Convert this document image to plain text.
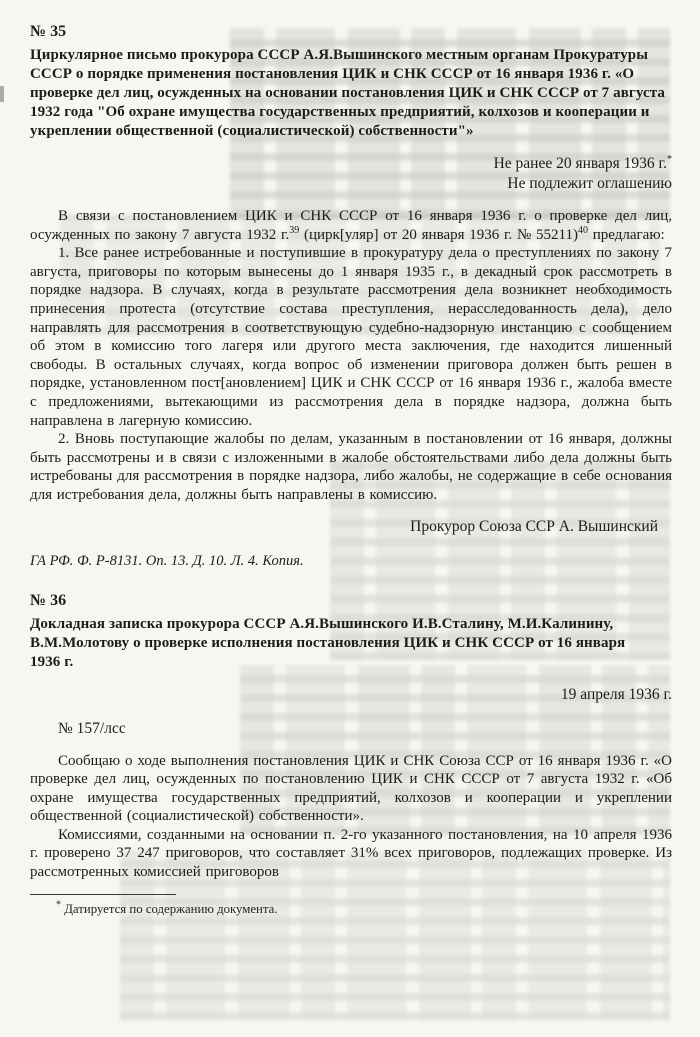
№ 35
Циркулярное письмо прокурора СССР А.Я.Вышинского местным органам Прокуратуры СССР о порядке применения постановления ЦИК и СНК СССР от 16 января 1936 г. «О проверке дел лиц, осужденных на основании постановления ЦИК и СНК СССР от 7 августа 1932 года "Об охране имущества государственных предприятий, колхозов и кооперации и укреплении общественной (социалистической) собственности"»
Не ранее 20 января 1936 г.*
Не подлежит оглашению

В связи с постановлением ЦИК и СНК СССР от 16 января 1936 г. о проверке дел лиц, осужденных по закону 7 августа 1932 г.$^{39}$ (цирк[уляр] от 20 января 1936 г. № 55211)$^{40}$ предлагаю:

1. Все ранее истребованные и поступившие в прокуратуру дела о преступлениях по закону 7 августа, приговоры по которым вынесены до 1 января 1935 г., в декадный срок рассмотреть в порядке надзора. В случаях, когда в результате рассмотрения дела возникнет необходимость принесения протеста (отсутствие состава преступления, нерасследованность дела), дело направлять для рассмотрения в соответствующую судебно-надзорную инстанцию с сообщением об этом в комиссию того лагеря или другого места заключения, где находится лишенный свободы. В остальных случаях, когда вопрос об изменении приговора должен быть решен в порядке, установленном пост[ановлением] ЦИК и СНК СССР от 16 января 1936 г., жалоба вместе с предложениями, вытекающими из рассмотрения дела в порядке надзора, должна быть направлена в лагерную комиссию.

2. Вновь поступающие жалобы по делам, указанным в постановлении от 16 января, должны быть рассмотрены и в связи с изложенными в жалобе обстоятельствами либо дела должны быть истребованы для рассмотрения в порядке надзора, либо жалобы, не содержащие в себе основания для истребования дела, должны быть направлены в комиссию.

Прокурор Союза ССР А. Вышинский
ГА РФ. Ф. Р-8131. Оп. 13. Д. 10. Л. 4. Копия.
№ 36
Докладная записка прокурора СССР А.Я.Вышинского И.В.Сталину, М.И.Калинину, В.М.Молотову о проверке исполнения постановления ЦИК и СНК СССР от 16 января 1936 г.
19 апреля 1936 г.
№ 157/лсс

Сообщаю о ходе выполнения постановления ЦИК и СНК Союза ССР от 16 января 1936 г. «О проверке дел лиц, осужденных по постановлению ЦИК и СНК СССР от 7 августа 1932 г. «Об охране имущества государственных предприятий, колхозов и кооперации и укреплении общественной (социалистической) собственности».

Комиссиями, созданными на основании п. 2-го указанного постановления, на 10 апреля 1936 г. проверено 37 247 приговоров, что составляет 31% всех приговоров, подлежащих проверке. Из рассмотренных комиссией приговоров

* Датируется по содержанию документа.
